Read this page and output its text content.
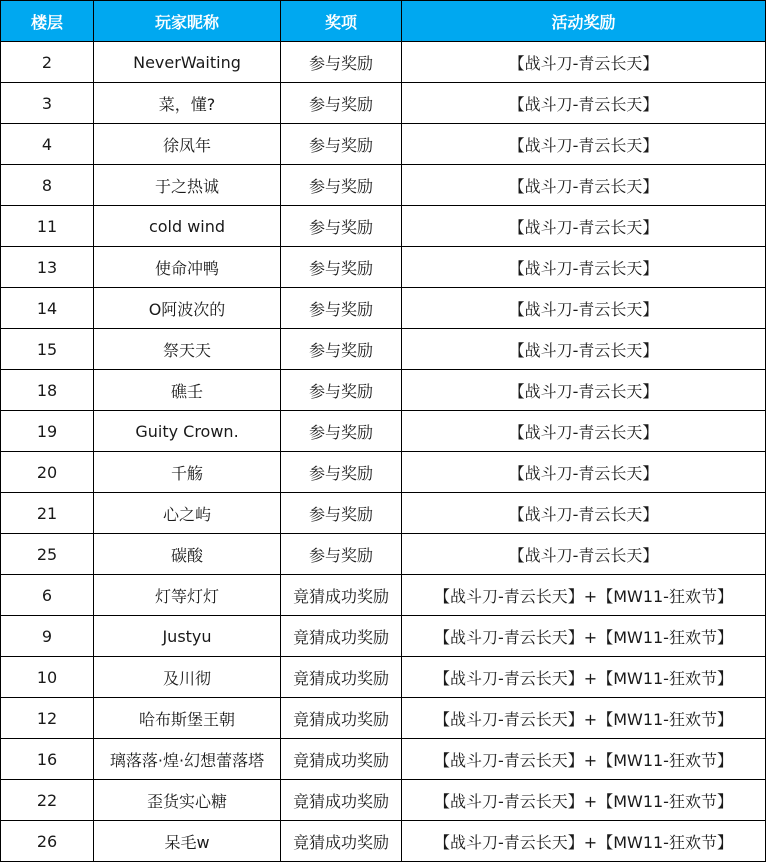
楼层	玩家昵称	奖项	活动奖励
2	NeverWaiting	参与奖励	【战斗刀-青云长天】
3	菜，懂?	参与奖励	【战斗刀-青云长天】
4	徐凤年	参与奖励	【战斗刀-青云长天】
8	于之热诚	参与奖励	【战斗刀-青云长天】
11	cold wind	参与奖励	【战斗刀-青云长天】
13	使命冲鸭	参与奖励	【战斗刀-青云长天】
14	O阿波次的	参与奖励	【战斗刀-青云长天】
15	祭天天	参与奖励	【战斗刀-青云长天】
18	礁壬	参与奖励	【战斗刀-青云长天】
19	Guity Crown.	参与奖励	【战斗刀-青云长天】
20	千觞	参与奖励	【战斗刀-青云长天】
21	心之屿	参与奖励	【战斗刀-青云长天】
25	碳酸	参与奖励	【战斗刀-青云长天】
6	灯等灯灯	竟猜成功奖励	【战斗刀-青云长天】+【MW11-狂欢节】
9	Justyu	竟猜成功奖励	【战斗刀-青云长天】+【MW11-狂欢节】
10	及川彻	竟猜成功奖励	【战斗刀-青云长天】+【MW11-狂欢节】
12	哈布斯堡王朝	竟猜成功奖励	【战斗刀-青云长天】+【MW11-狂欢节】
16	璃落落·煌·幻想蕾落塔	竟猜成功奖励	【战斗刀-青云长天】+【MW11-狂欢节】
22	歪货实心糖	竟猜成功奖励	【战斗刀-青云长天】+【MW11-狂欢节】
26	呆毛w	竟猜成功奖励	【战斗刀-青云长天】+【MW11-狂欢节】
